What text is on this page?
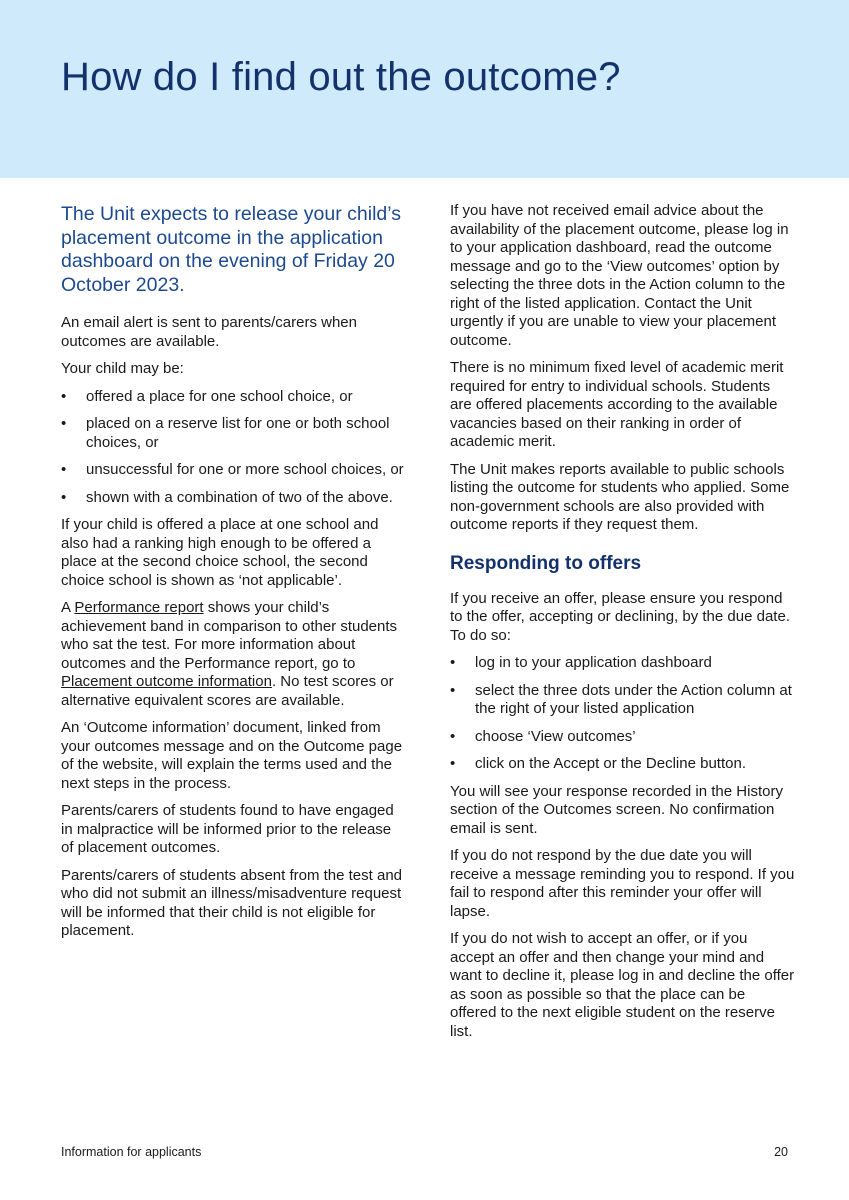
How do I find out the outcome?

The Unit expects to release your child’s placement outcome in the application dashboard on the evening of Friday 20 October 2023.

An email alert is sent to parents/carers when outcomes are available.

Your child may be:

• offered a place for one school choice, or
• placed on a reserve list for one or both school choices, or
• unsuccessful for one or more school choices, or
• shown with a combination of two of the above.

If your child is offered a place at one school and also had a ranking high enough to be offered a place at the second choice school, the second choice school is shown as ‘not applicable’.

A Performance report shows your child’s achievement band in comparison to other students who sat the test. For more information about outcomes and the Performance report, go to Placement outcome information. No test scores or alternative equivalent scores are available.

An ‘Outcome information’ document, linked from your outcomes message and on the Outcome page of the website, will explain the terms used and the next steps in the process.

Parents/carers of students found to have engaged in malpractice will be informed prior to the release of placement outcomes.

Parents/carers of students absent from the test and who did not submit an illness/misadventure request will be informed that their child is not eligible for placement.

If you have not received email advice about the availability of the placement outcome, please log in to your application dashboard, read the outcome message and go to the ‘View outcomes’ option by selecting the three dots in the Action column to the right of the listed application. Contact the Unit urgently if you are unable to view your placement outcome.

There is no minimum fixed level of academic merit required for entry to individual schools. Students are offered placements according to the available vacancies based on their ranking in order of academic merit.

The Unit makes reports available to public schools listing the outcome for students who applied. Some non-government schools are also provided with outcome reports if they request them.

Responding to offers

If you receive an offer, please ensure you respond to the offer, accepting or declining, by the due date. To do so:

• log in to your application dashboard
• select the three dots under the Action column at the right of your listed application
• choose ‘View outcomes’
• click on the Accept or the Decline button.

You will see your response recorded in the History section of the Outcomes screen. No confirmation email is sent.

If you do not respond by the due date you will receive a message reminding you to respond. If you fail to respond after this reminder your offer will lapse.

If you do not wish to accept an offer, or if you accept an offer and then change your mind and want to decline it, please log in and decline the offer as soon as possible so that the place can be offered to the next eligible student on the reserve list.

Information for applicants	20
